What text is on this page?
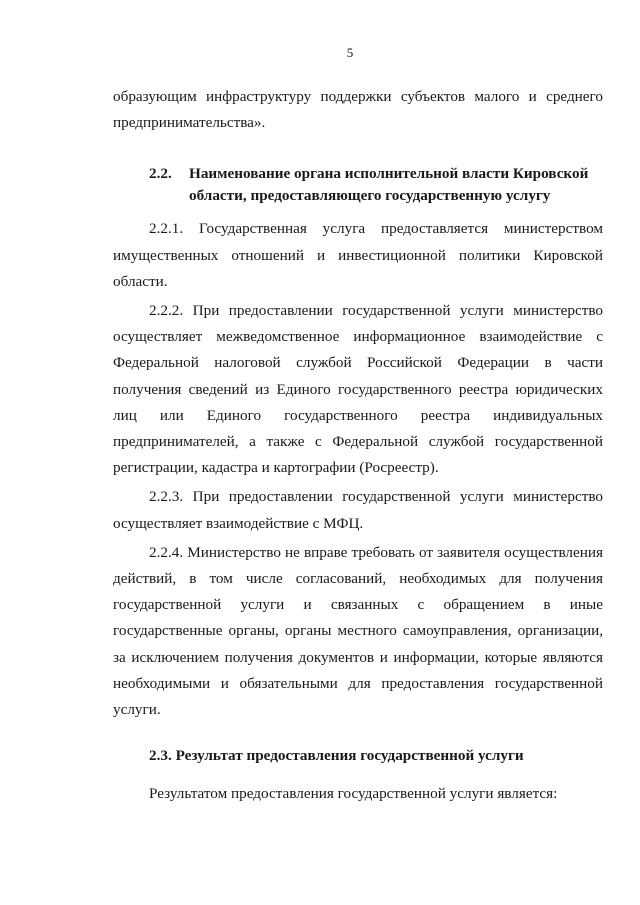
5

образующим инфраструктуру поддержки субъектов малого и среднего предпринимательства».

2.2. Наименование органа исполнительной власти Кировской
области, предоставляющего государственную услугу

2.2.1. Государственная услуга предоставляется министерством имущественных отношений и инвестиционной политики Кировской области.

2.2.2. При предоставлении государственной услуги министерство осуществляет межведомственное информационное взаимодействие с Федеральной налоговой службой Российской Федерации в части получения сведений из Единого государственного реестра юридических лиц или Единого государственного реестра индивидуальных предпринимателей, а также с Федеральной службой государственной регистрации, кадастра и картографии (Росреестр).

2.2.3. При предоставлении государственной услуги министерство осуществляет взаимодействие с МФЦ.

2.2.4. Министерство не вправе требовать от заявителя осуществления действий, в том числе согласований, необходимых для получения государственной услуги и связанных с обращением в иные государственные органы, органы местного самоуправления, организации, за исключением получения документов и информации, которые являются необходимыми и обязательными для предоставления государственной услуги.

2.3. Результат предоставления государственной услуги

Результатом предоставления государственной услуги является:
